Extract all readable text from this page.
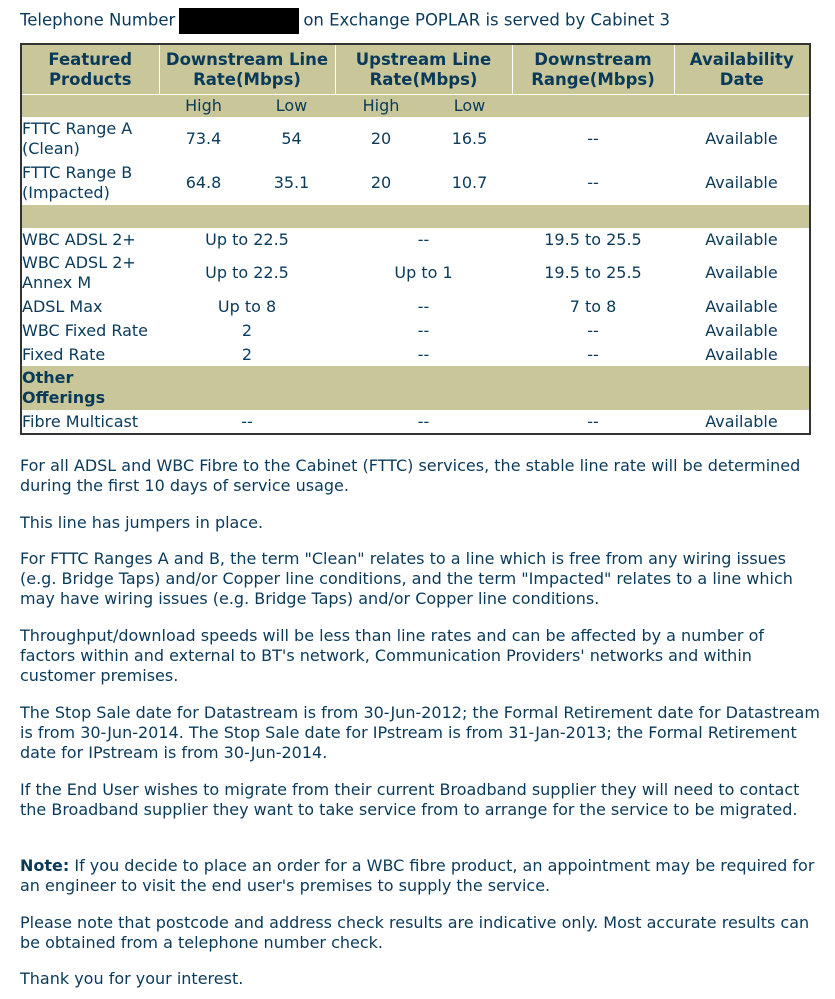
Telephone Number	on Exchange POPLAR is served by Cabinet 3
Featured Products	Downstream Line Rate(Mbps)		Upstream Line Rate(Mbps)		Downstream Range(Mbps)	Availability Date
	High	Low	High	Low		
FTTC Range A (Clean)	73.4	54	20	16.5	--	Available
FTTC Range B (Impacted)	64.8	35.1	20	10.7	--	Available

WBC ADSL 2+	Up to 22.5		--		19.5 to 25.5	Available
WBC ADSL 2+ Annex M	Up to 22.5		Up to 1		19.5 to 25.5	Available
ADSL Max	Up to 8		--		7 to 8	Available
WBC Fixed Rate	2		--		--	Available
Fixed Rate	2		--		--	Available
Other Offerings						
Fibre Multicast	--		--		--	Available

For all ADSL and WBC Fibre to the Cabinet (FTTC) services, the stable line rate will be determined during the first 10 days of service usage.

This line has jumpers in place.

For FTTC Ranges A and B, the term "Clean" relates to a line which is free from any wiring issues (e.g. Bridge Taps) and/or Copper line conditions, and the term "Impacted" relates to a line which may have wiring issues (e.g. Bridge Taps) and/or Copper line conditions.

Throughput/download speeds will be less than line rates and can be affected by a number of factors within and external to BT's network, Communication Providers' networks and within customer premises.

The Stop Sale date for Datastream is from 30-Jun-2012; the Formal Retirement date for Datastream is from 30-Jun-2014. The Stop Sale date for IPstream is from 31-Jan-2013; the Formal Retirement date for IPstream is from 30-Jun-2014.

If the End User wishes to migrate from their current Broadband supplier they will need to contact the Broadband supplier they want to take service from to arrange for the service to be migrated.

Note: If you decide to place an order for a WBC fibre product, an appointment may be required for an engineer to visit the end user's premises to supply the service.

Please note that postcode and address check results are indicative only. Most accurate results can be obtained from a telephone number check.

Thank you for your interest.
